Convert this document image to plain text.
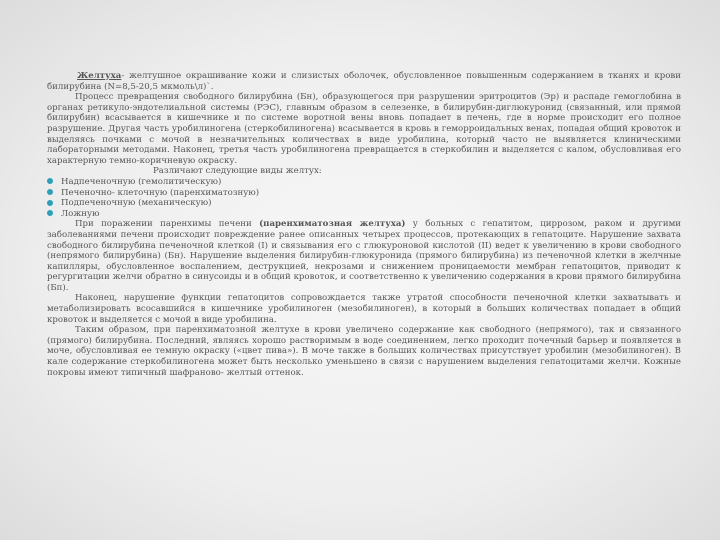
Желтуха- желтушное окрашивание кожи и слизистых оболочек, обусловленное повышенным содержанием в тканях и крови билирубина (N=8,5-20,5 мкмоль\л)`.

Процесс превращения свободного билирубина (Бн), образующегося при разрушении эритроцитов (Эр) и распаде гемоглобина в органах ретикуло-эндотелиальной системы (РЭС), главным образом в селезенке, в билирубин-диглюкуронид (связанный, или прямой билирубин) всасывается в кишечнике и по системе воротной вены вновь попадает в печень, где в норме происходит его полное разрушение. Другая часть уробилиногена (стеркобилиногена) всасывается в кровь в геморроидальных венах, попадая общий кровоток и выделяясь почками с мочой в незначительных количествах в виде уробилина, который часто не выявляется клиническими лабораторными методами. Наконец, третья часть уробилиногена превращается в стеркобилин и выделяется с калом, обусловливая его характерную темно-коричневую окраску.

Различают следующие виды желтух:

Надпеченочную (гемолитическую)
Печеночно- клеточную (паренхиматозную)
Подпеченочную (механическую)
Ложную

При поражении паренхимы печени (паренхиматозная желтуха) у больных с гепатитом, циррозом, раком и другими заболеваниями печени происходит повреждение ранее описанных четырех процессов, протекающих в гепатоците. Нарушение захвата свободного билирубина печеночной клеткой (I) и связывания его с глюкуроновой кислотой (II) ведет к увеличению в крови свободного (непрямого билирубина) (Бн). Нарушение выделения билирубин-глюкуронида (прямого билирубина) из печеночной клетки в желчные капилляры, обусловленное воспалением, деструкцией, некрозами и снижением проницаемости мембран гепатоцитов, приводит к регургитации желчи обратно в синусоиды и в общий кровоток, и соответственно к увеличению содержания в крови прямого билирубина (Бп).

Наконец, нарушение функции гепатоцитов сопровождается также утратой способности печеночной клетки захватывать и метаболизировать всосавшийся в кишечнике уробилиноген (мезобилиноген), в который в больших количествах попадает в общий кровоток и выделяется с мочой в виде уробилина.

Таким образом, при паренхиматозной желтухе в крови увеличено содержание как свободного (непрямого), так и связанного (прямого) билирубина. Последний, являясь хорошо растворимым в воде соединением, легко проходит почечный барьер и появляется в моче, обусловливая ее темную окраску («цвет пива»). В моче также в больших количествах присутствует уробилин (мезобилиноген). В кале содержание стеркобилиногена может быть несколько уменьшено в связи с нарушением выделения гепатоцитами желчи. Кожные покровы имеют типичный шафраново- желтый оттенок.
